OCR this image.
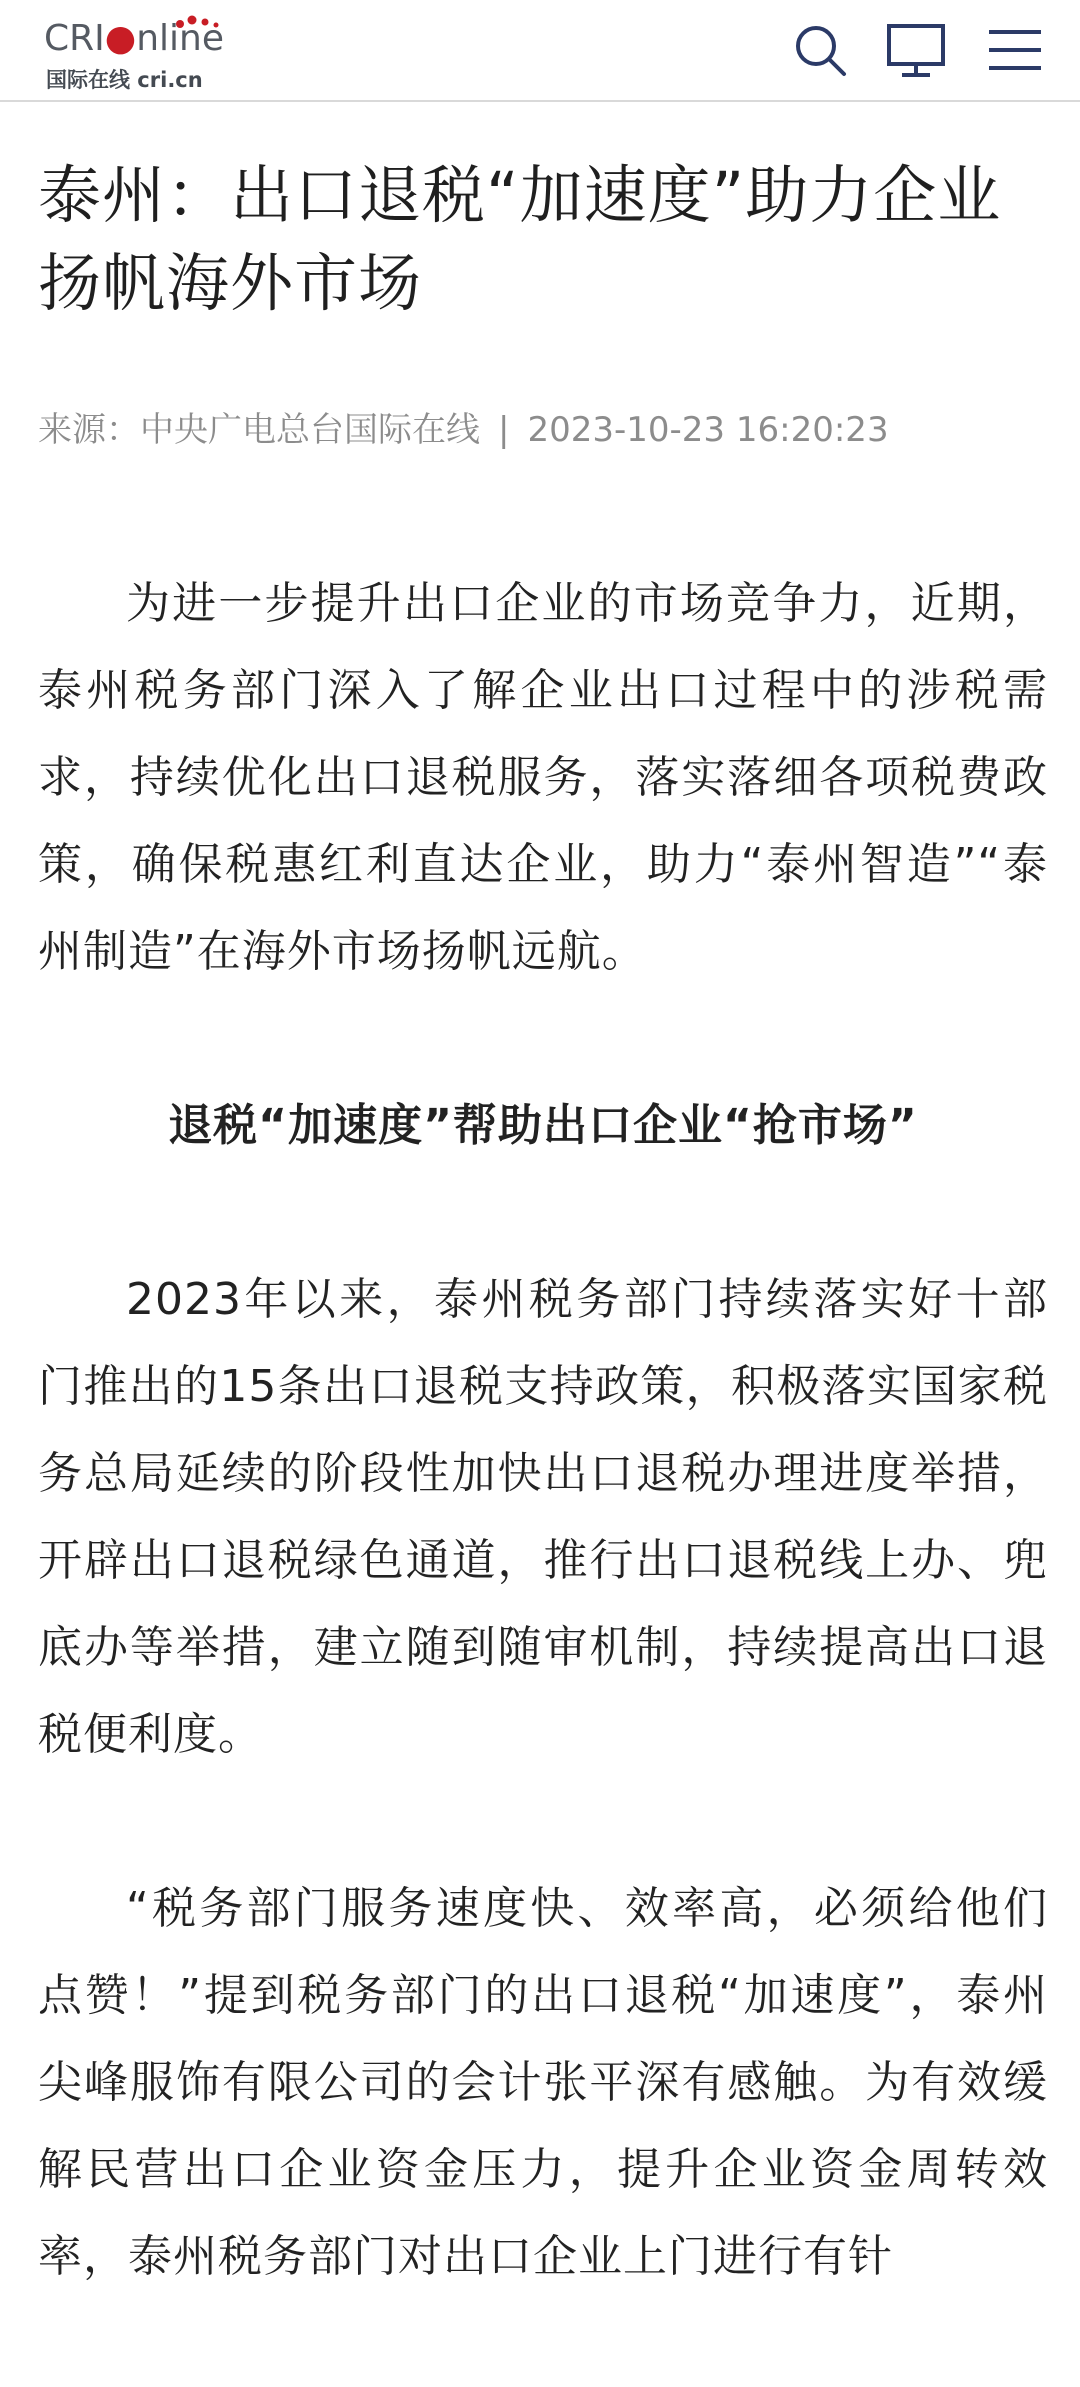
CRI●nline
国际在线 cri.cn
泰州：出口退税“加速度”助力企业扬帆海外市场
来源：中央广电总台国际在线 | 2023-10-23 16:20:23

为进一步提升出口企业的市场竞争力，近期，泰州税务部门深入了解企业出口过程中的涉税需求，持续优化出口退税服务，落实落细各项税费政策，确保税惠红利直达企业，助力“泰州智造”“泰州制造”在海外市场扬帆远航。

退税“加速度”帮助出口企业“抢市场”

2023年以来，泰州税务部门持续落实好十部门推出的15条出口退税支持政策，积极落实国家税务总局延续的阶段性加快出口退税办理进度举措，开辟出口退税绿色通道，推行出口退税线上办、兜底办等举措，建立随到随审机制，持续提高出口退税便利度。

“税务部门服务速度快、效率高，必须给他们点赞！”提到税务部门的出口退税“加速度”，泰州尖峰服饰有限公司的会计张平深有感触。为有效缓解民营出口企业资金压力，提升企业资金周转效率，泰州税务部门对出口企业上门进行有针
